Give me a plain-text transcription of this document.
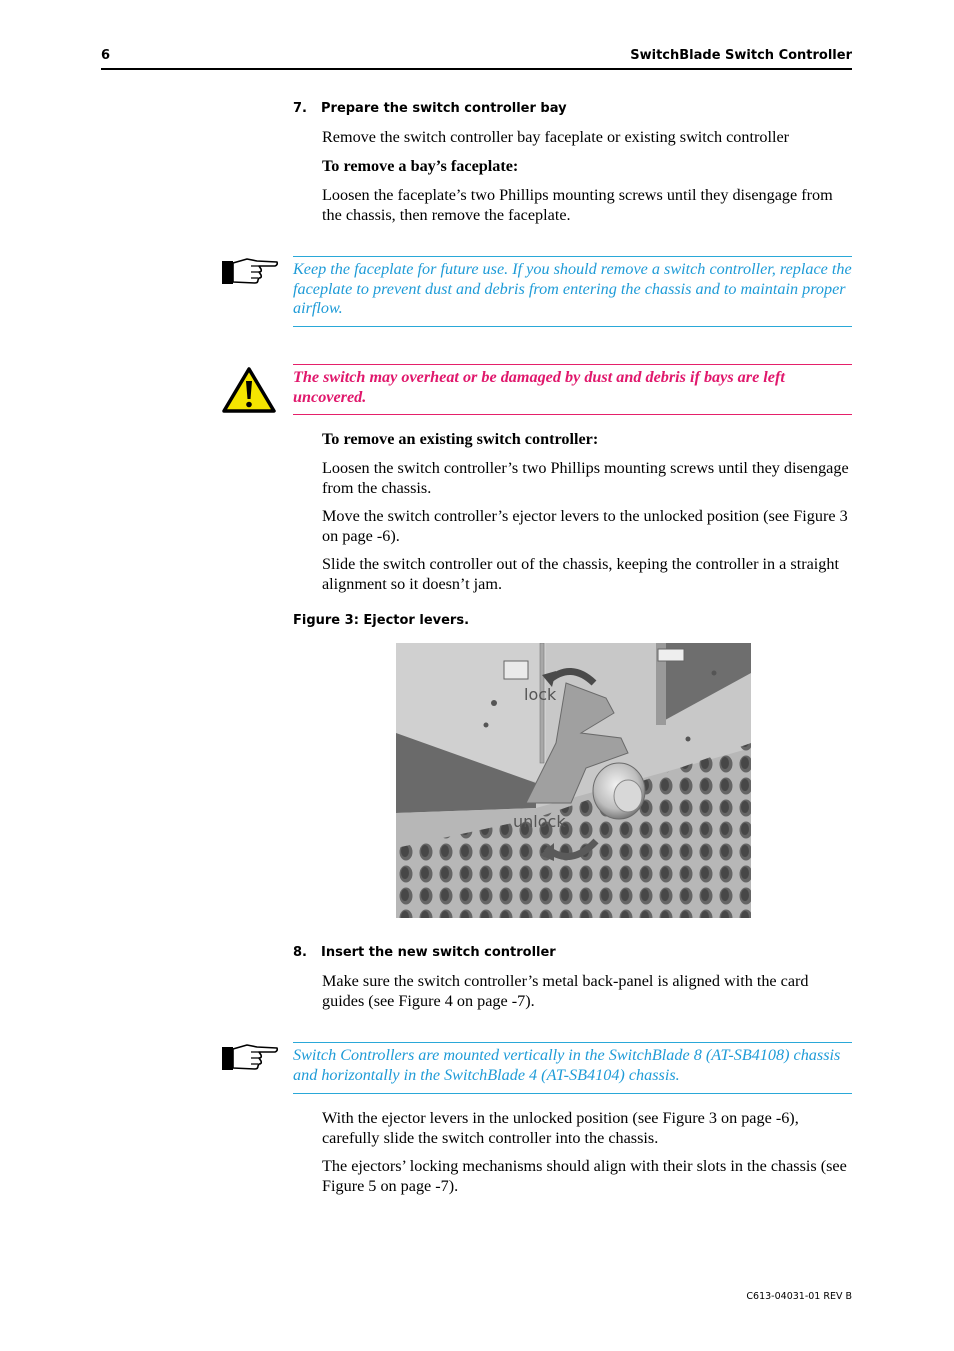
6	SwitchBlade Switch Controller
7. Prepare the switch controller bay
Remove the switch controller bay faceplate or existing switch controller
To remove a bay’s faceplate:
Loosen the faceplate’s two Phillips mounting screws until they disengage from the chassis, then remove the faceplate.
Keep the faceplate for future use. If you should remove a switch controller, replace the faceplate to prevent dust and debris from entering the chassis and to maintain proper airflow.
The switch may overheat or be damaged by dust and debris if bays are left uncovered.
To remove an existing switch controller:
Loosen the switch controller’s two Phillips mounting screws until they disengage from the chassis.
Move the switch controller’s ejector levers to the unlocked position (see Figure 3 on page -6).
Slide the switch controller out of the chassis, keeping the controller in a straight alignment so it doesn’t jam.
Figure 3: Ejector levers.
lock
unlock
8. Insert the new switch controller
Make sure the switch controller’s metal back-panel is aligned with the card guides (see Figure 4 on page -7).
Switch Controllers are mounted vertically in the SwitchBlade 8 (AT-SB4108) chassis and horizontally in the SwitchBlade 4 (AT-SB4104) chassis.
With the ejector levers in the unlocked position (see Figure 3 on page -6), carefully slide the switch controller into the chassis.
The ejectors’ locking mechanisms should align with their slots in the chassis (see Figure 5 on page -7).
C613-04031-01 REV B
